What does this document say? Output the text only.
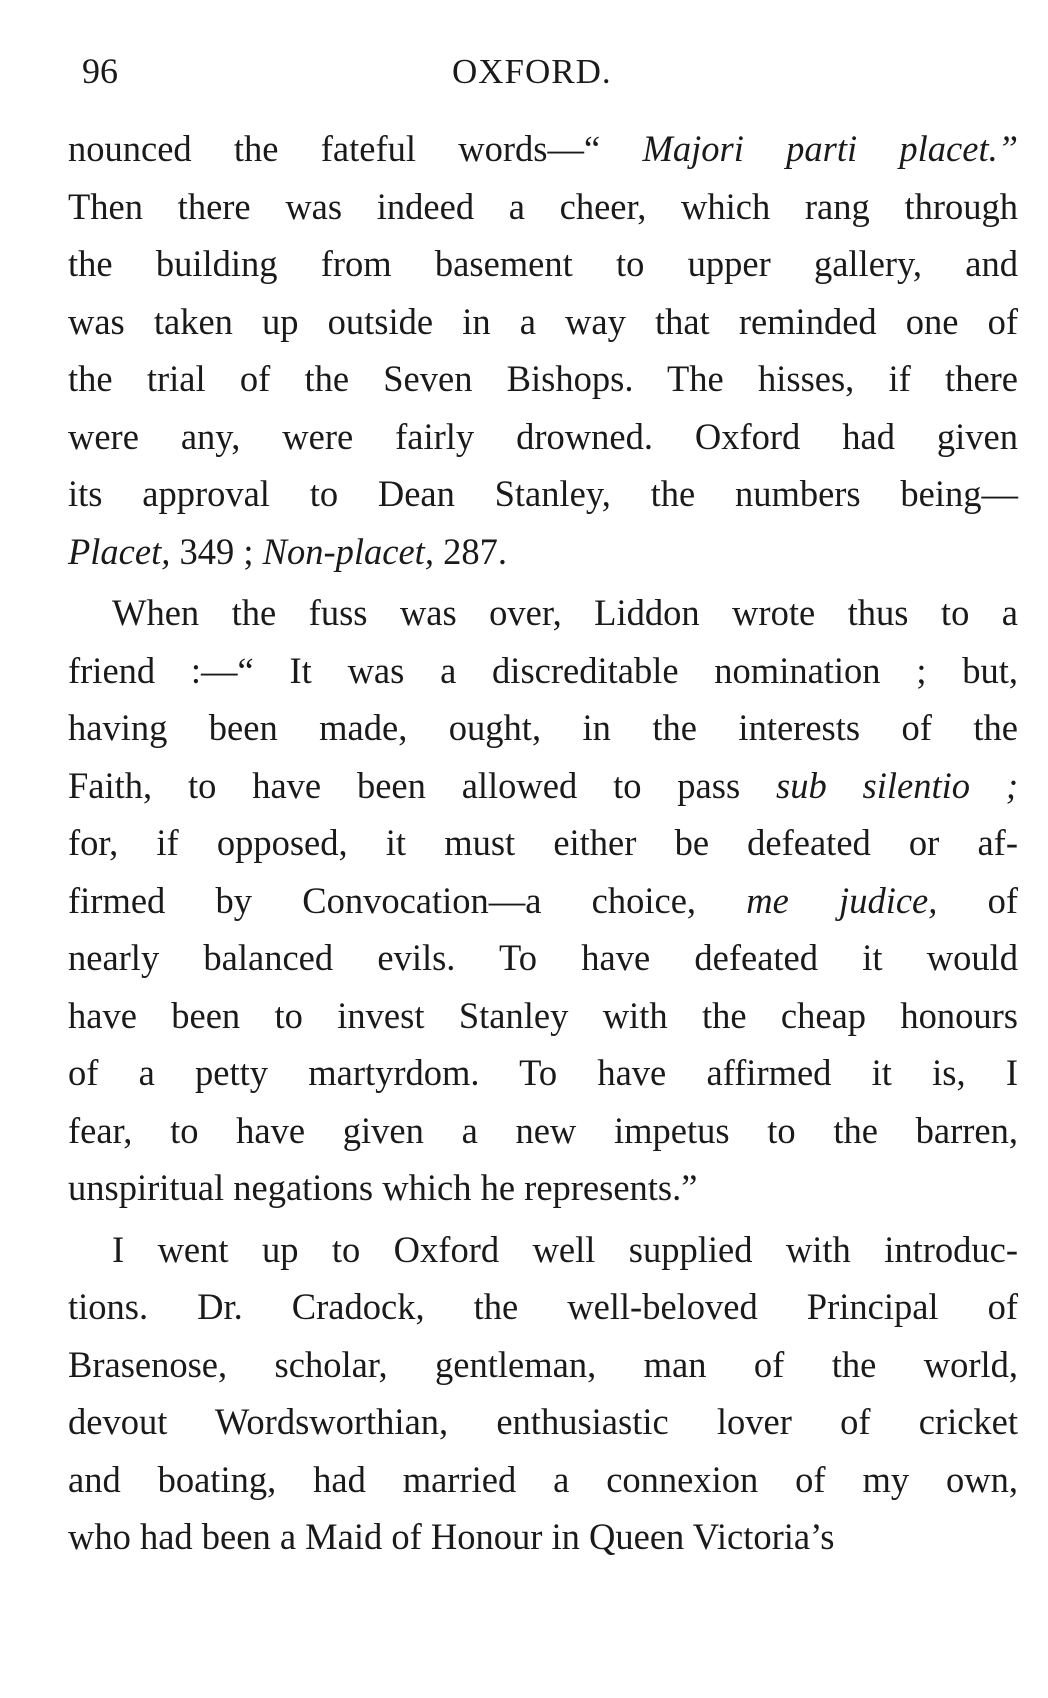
96	OXFORD.
nounced the fateful words—“ Majori parti placet.”
Then there was indeed a cheer, which rang through
the building from basement to upper gallery, and
was taken up outside in a way that reminded one of
the trial of the Seven Bishops. The hisses, if there
were any, were fairly drowned. Oxford had given
its approval to Dean Stanley, the numbers being—
Placet, 349 ; Non-placet, 287.
When the fuss was over, Liddon wrote thus to a
friend :—“ It was a discreditable nomination ; but,
having been made, ought, in the interests of the
Faith, to have been allowed to pass sub silentio ;
for, if opposed, it must either be defeated or af-
firmed by Convocation—a choice, me judice, of
nearly balanced evils. To have defeated it would
have been to invest Stanley with the cheap honours
of a petty martyrdom. To have affirmed it is, I
fear, to have given a new impetus to the barren,
unspiritual negations which he represents.”
I went up to Oxford well supplied with introduc-
tions. Dr. Cradock, the well-beloved Principal of
Brasenose, scholar, gentleman, man of the world,
devout Wordsworthian, enthusiastic lover of cricket
and boating, had married a connexion of my own,
who had been a Maid of Honour in Queen Victoria’s
